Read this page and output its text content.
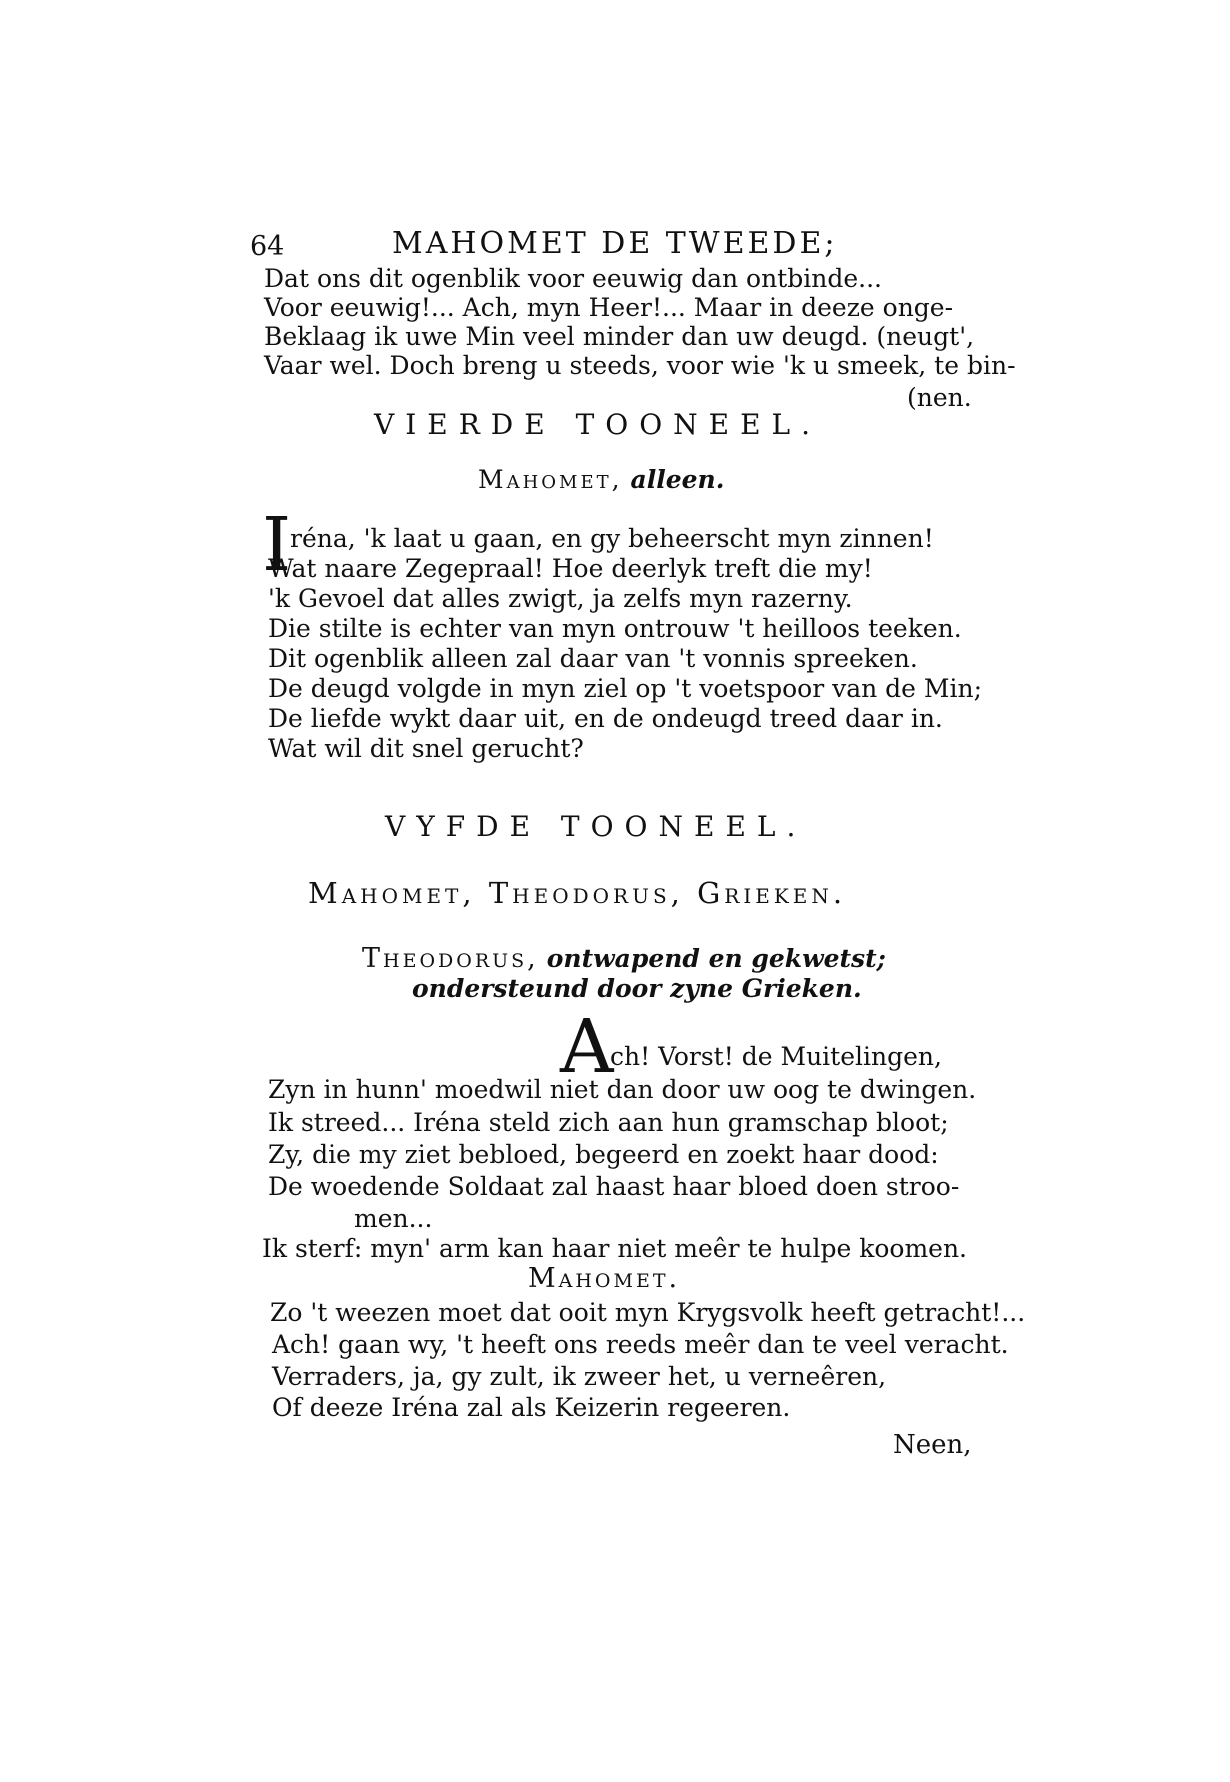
64	MAHOMET DE TWEEDE;
Dat ons dit ogenblik voor eeuwig dan ontbinde...
Voor eeuwig!... Ach, myn Heer!... Maar in deeze onge-
Beklaag ik uwe Min veel minder dan uw deugd. (neugt',
Vaar wel. Doch breng u steeds, voor wie 'k u smeek, te bin-
(nen.
VIERDE TOONEEL.
Mahomet, alleen.
I
réna, 'k laat u gaan, en gy beheerscht myn zinnen!
Wat naare Zegepraal! Hoe deerlyk treft die my!
'k Gevoel dat alles zwigt, ja zelfs myn razerny.
Die stilte is echter van myn ontrouw 't heilloos teeken.
Dit ogenblik alleen zal daar van 't vonnis spreeken.
De deugd volgde in myn ziel op 't voetspoor van de Min;
De liefde wykt daar uit, en de ondeugd treed daar in.
Wat wil dit snel gerucht?
VYFDE TOONEEL.
Mahomet, Theodorus, Grieken.
Theodorus, ontwapend en gekwetst;
ondersteund door zyne Grieken.
A
ch! Vorst! de Muitelingen,
Zyn in hunn' moedwil niet dan door uw oog te dwingen.
Ik streed... Iréna steld zich aan hun gramschap bloot;
Zy, die my ziet bebloed, begeerd en zoekt haar dood:
De woedende Soldaat zal haast haar bloed doen stroo-
men...
Ik sterf: myn' arm kan haar niet meêr te hulpe koomen.
Mahomet.
Zo 't weezen moet dat ooit myn Krygsvolk heeft getracht!...
Ach! gaan wy, 't heeft ons reeds meêr dan te veel veracht.
Verraders, ja, gy zult, ik zweer het, u verneêren,
Of deeze Iréna zal als Keizerin regeeren.
Neen,
